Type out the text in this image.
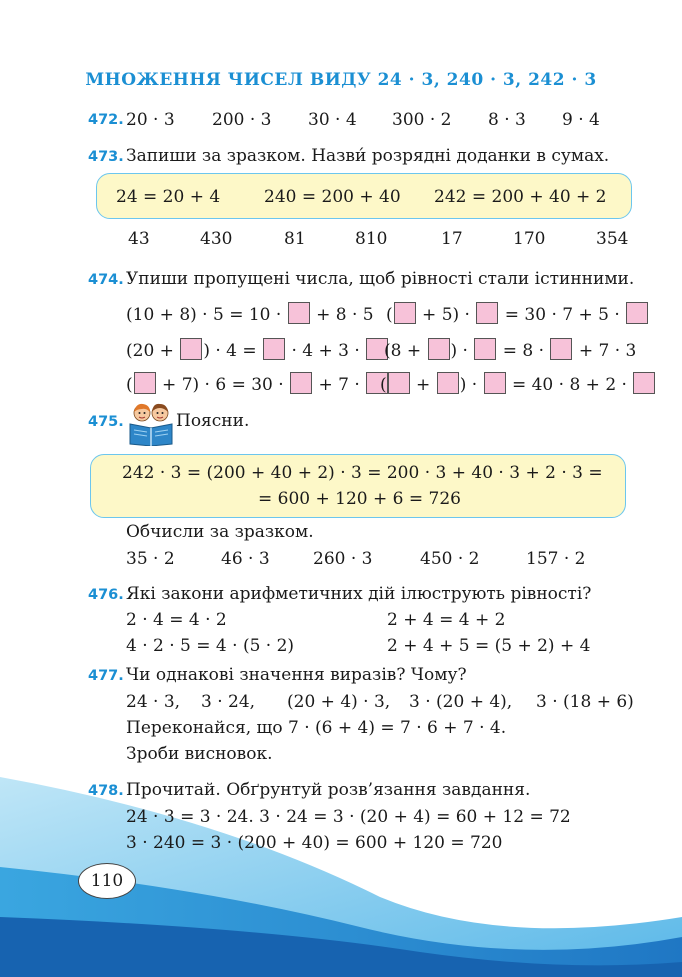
МНОЖЕННЯ ЧИСЕЛ ВИДУ 24 · 3, 240 · 3, 242 · 3
472. 20 · 3 200 · 3 30 · 4 300 · 2 8 · 3 9 · 4
473. Запиши за зразком. Назви́ розрядні доданки в сумах.
24 = 20 + 4	240 = 200 + 40 242 = 200 + 40 + 2
43	430	81	810	17	170	354
474. Упиши пропущені числа, щоб рівності стали істинними.
(10 + 8) · 5 = 10 · + 8 · 5 ( + 5) · = 30 · 7 + 5 ·
(20 + ) · 4 = · 4 + 3 ·	(8 + ) · = 8 · + 7 · 3
( + 7) · 6 = 30 · + 7 ·	( + ) · = 40 · 8 + 2 ·
475.	Поясни.
242 · 3 = (200 + 40 + 2) · 3 = 200 · 3 + 40 · 3 + 2 · 3 =
= 600 + 120 + 6 = 726
Обчисли за зразком.
35 · 2	46 · 3	260 · 3	450 · 2	157 · 2
476. Які закони арифметичних дій ілюструють рівності?
2 · 4 = 4 · 2	2 + 4 = 4 + 2
4 · 2 · 5 = 4 · (5 · 2)	2 + 4 + 5 = (5 + 2) + 4
477. Чи однакові значення виразів? Чому?
24 · 3, 3 · 24, (20 + 4) · 3, 3 · (20 + 4), 3 · (18 + 6)
Переконайся, що 7 · (6 + 4) = 7 · 6 + 7 · 4.
Зроби висновок.
478. Прочитай. Обґрунтуй розв’язання завдання.
24 · 3 = 3 · 24. 3 · 24 = 3 · (20 + 4) = 60 + 12 = 72
3 · 240 = 3 · (200 + 40) = 600 + 120 = 720
110
